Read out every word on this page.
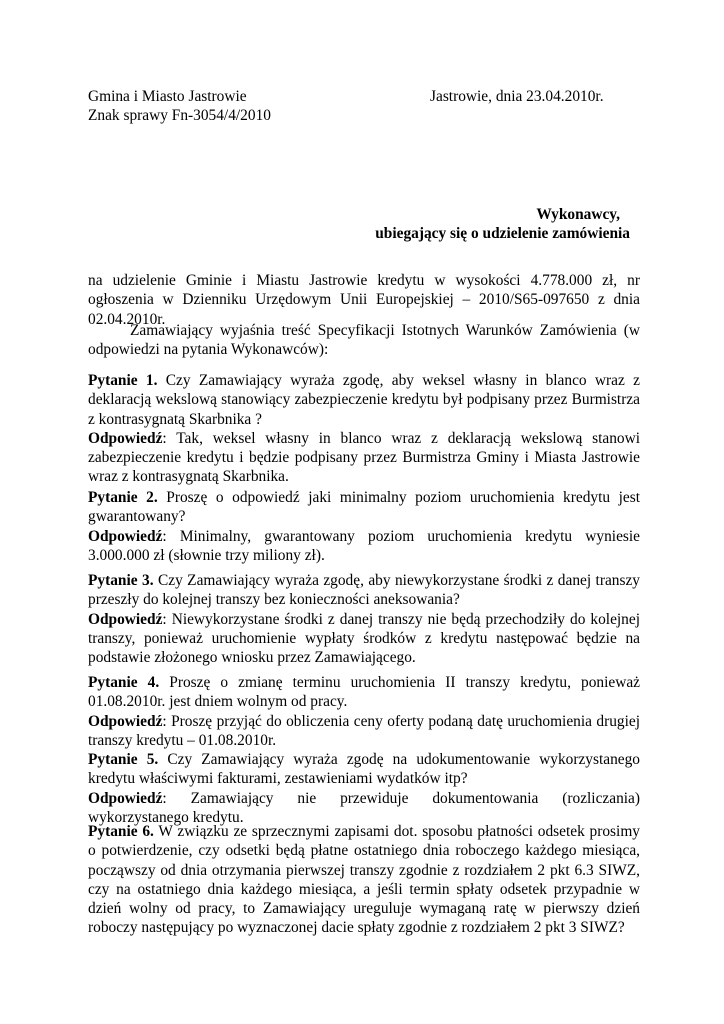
Gmina i Miasto Jastrowie
Znak sprawy Fn-3054/4/2010
Jastrowie, dnia 23.04.2010r.
Wykonawcy,
ubiegający się o udzielenie zamówienia

na udzielenie Gminie i Miastu Jastrowie kredytu w wysokości 4.778.000 zł, nr ogłoszenia w Dzienniku Urzędowym Unii Europejskiej – 2010/S65-097650 z dnia 02.04.2010r.

Zamawiający wyjaśnia treść Specyfikacji Istotnych Warunków Zamówienia (w odpowiedzi na pytania Wykonawców):

Pytanie 1. Czy Zamawiający wyraża zgodę, aby weksel własny in blanco wraz z deklaracją wekslową stanowiący zabezpieczenie kredytu był podpisany przez Burmistrza z kontrasygnatą Skarbnika ?
Odpowiedź: Tak, weksel własny in blanco wraz z deklaracją wekslową stanowi zabezpieczenie kredytu i będzie podpisany przez Burmistrza Gminy i Miasta Jastrowie wraz z kontrasygnatą Skarbnika.
Pytanie 2. Proszę o odpowiedź jaki minimalny poziom uruchomienia kredytu jest gwarantowany?
Odpowiedź: Minimalny, gwarantowany poziom uruchomienia kredytu wyniesie 3.000.000 zł (słownie trzy miliony zł).
Pytanie 3. Czy Zamawiający wyraża zgodę, aby niewykorzystane środki z danej transzy przeszły do kolejnej transzy bez konieczności aneksowania?
Odpowiedź: Niewykorzystane środki z danej transzy nie będą przechodziły do kolejnej transzy, ponieważ uruchomienie wypłaty środków z kredytu następować będzie na podstawie złożonego wniosku przez Zamawiającego.
Pytanie 4. Proszę o zmianę terminu uruchomienia II transzy kredytu, ponieważ 01.08.2010r. jest dniem wolnym od pracy.
Odpowiedź: Proszę przyjąć do obliczenia ceny oferty podaną datę uruchomienia drugiej transzy kredytu – 01.08.2010r.
Pytanie 5. Czy Zamawiający wyraża zgodę na udokumentowanie wykorzystanego kredytu właściwymi fakturami, zestawieniami wydatków itp?
Odpowiedź: Zamawiający nie przewiduje dokumentowania (rozliczania) wykorzystanego kredytu.
Pytanie 6. W związku ze sprzecznymi zapisami dot. sposobu płatności odsetek prosimy o potwierdzenie, czy odsetki będą płatne ostatniego dnia roboczego każdego miesiąca, począwszy od dnia otrzymania pierwszej transzy zgodnie z rozdziałem 2 pkt 6.3 SIWZ, czy na ostatniego dnia każdego miesiąca, a jeśli termin spłaty odsetek przypadnie w dzień wolny od pracy, to Zamawiający ureguluje wymaganą ratę w pierwszy dzień roboczy następujący po wyznaczonej dacie spłaty zgodnie z rozdziałem 2 pkt 3 SIWZ?
